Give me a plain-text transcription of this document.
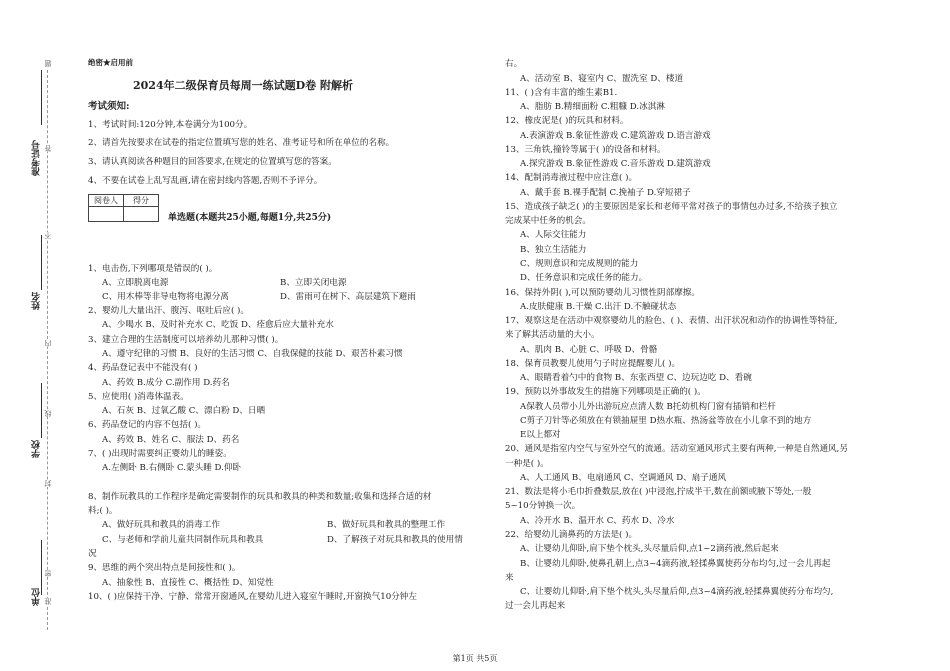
准考证号
姓名
学校
单位
题
答
不
内
线
封
密
准
绝密★启用前
2024年二级保育员每周一练试题D卷 附解析
考试须知:
1、考试时间:120分钟,本卷满分为100分。
2、请首先按要求在试卷的指定位置填写您的姓名、准考证号和所在单位的名称。
3、请认真阅读各种题目的回答要求,在规定的位置填写您的答案。
4、不要在试卷上乱写乱画,请在密封线内答题,否则不予评分。
阅卷人	得分

单选题(本题共25小题,每题1分,共25分)
1、电击伤,下列哪项是错误的( )。
A、立即脱离电源	B、立即关闭电源
C、用木棒等非导电物将电源分离	D、雷雨可在树下、高层建筑下避雨
2、婴幼儿大量出汗、腹泻、呕吐后应( )。
A、少喝水 B、及时补充水 C、吃饭 D、痊愈后应大量补充水
3、建立合理的生活制度可以培养幼儿那种习惯( )。
A、遵守纪律的习惯 B、良好的生活习惯 C、自我保健的技能 D、艰苦朴素习惯
4、药品登记表中不能没有( )
A、药效 B.成分 C.副作用 D.药名
5、应使用( )消毒体温表。
A、石灰 B、过氧乙酸 C、漂白粉 D、日晒
6、药品登记的内容不包括( )。
A、药效 B、姓名 C、服法 D、药名
7、( )出现时需要纠正婴幼儿的睡姿。
A.左侧卧 B.右侧卧 C.蒙头睡 D.仰卧
8、制作玩教具的工作程序是确定需要制作的玩具和教具的种类和数量;收集和选择合适的材
料;( )。
A、做好玩具和教具的消毒工作	B、做好玩具和教具的整理工作
C、与老师和学前儿童共同制作玩具和教具	D、了解孩子对玩具和教具的使用情
况
9、思维的两个突出特点是间接性和( )。
A、抽象性 B、直接性 C、概括性 D、知觉性
10、( )应保持干净、宁静、常常开窗通风,在婴幼儿进入寝室午睡时,开窗换气10分钟左
右。
A、活动室 B、寝室内 C、盥洗室 D、楼道
11、( )含有丰富的维生素B1.
A、脂肪 B.精细面粉 C.粗糠 D.冰淇淋
12、橡皮泥是( )的玩具和材料。
A.表演游戏 B.象征性游戏 C.建筑游戏 D.语言游戏
13、三角铁,撞铃等属于( )的设备和材料。
A.探究游戏 B.象征性游戏 C.音乐游戏 D.建筑游戏
14、配制消毒液过程中应注意( )。
A、戴手套 B.裸手配制 C.挽袖子 D.穿短裙子
15、造成孩子缺乏( )的主要原因是家长和老师平常对孩子的事情包办过多,不给孩子独立
完成某中任务的机会。
A、人际交往能力
B、独立生活能力
C、规则意识和完成规则的能力
D、任务意识和完成任务的能力。
16、保持外阴( ),可以预防婴幼儿习惯性阴部摩擦。
A.皮肤健康 B.干燥 C.出汗 D.不触碰状态
17、观察这是在活动中观察婴幼儿的脸色、( )、表情、出汗状况和动作的协调性等特征,
来了解其活动量的大小。
A、肌肉 B、心脏 C、呼吸 D、骨骼
18、保育员教婴儿使用勺子时应提醒婴儿( )。
A、眼睛看着勺中的食物 B、东张西望 C、边玩边吃 D、看碗
19、预防以外事故发生的措施下列哪项是正确的( )。
A保教人员带小儿外出游玩应点清人数 B托幼机构门窗有插销和栏杆
C剪子刀针等必须放在有锁抽屉里 D热水瓶、热汤盆等放在小儿拿不到的地方
E以上都对
20、通风是指室内空气与室外空气的流通。活动室通风形式主要有两种,一种是自然通风,另
一种是( )。
A、人工通风 B、电扇通风 C、空调通风 D、扇子通风
21、数法是将小毛巾折叠数层,放在( )中浸泡,拧成半干,数在前额或腋下等处,一般
5~10分钟换一次。
A、冷开水 B、温开水 C、药水 D、冷水
22、给婴幼儿滴鼻药的方法是( )。
A、让婴幼儿仰卧,肩下垫个枕头,头尽量后仰,点1~2滴药液,然后起来
B、让婴幼儿仰卧,使鼻孔朝上,点3~4滴药液,轻揉鼻翼使药分布均匀,过一会儿再起
来
C、让婴幼儿仰卧,肩下垫个枕头,头尽量后仰,点3~4滴药液,轻揉鼻翼使药分布均匀,
过一会儿再起来
第1页 共5页
